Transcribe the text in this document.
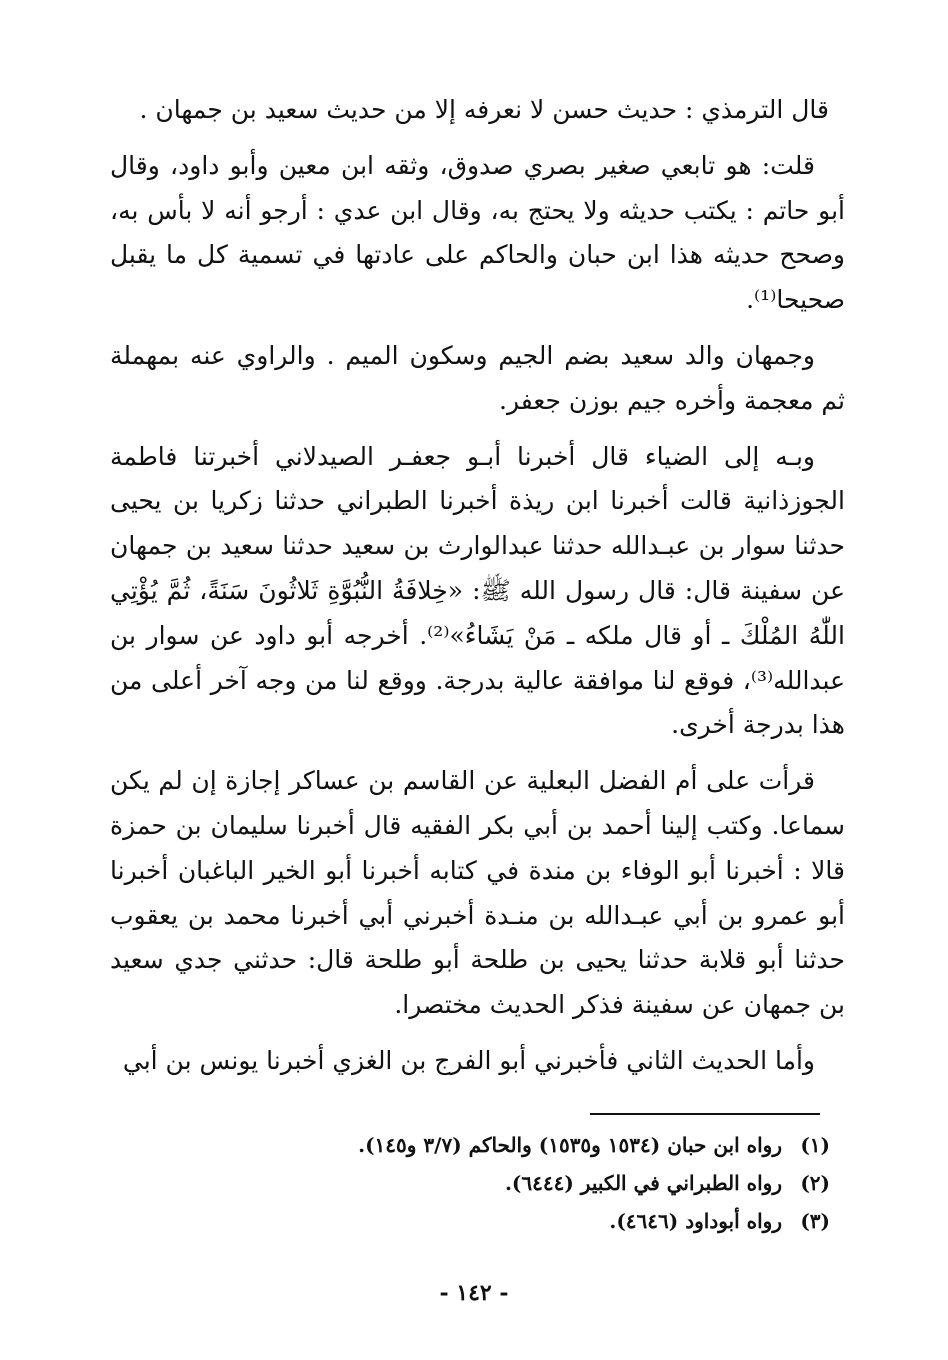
قال الترمذي : حديث حسن لا نعرفه إلا من حديث سعيد بن جمهان .

قلت: هو تابعي صغير بصري صدوق، وثقه ابن معين وأبو داود، وقال أبو حاتم : يكتب حديثه ولا يحتج به، وقال ابن عدي : أرجو أنه لا بأس به، وصحح حديثه هذا ابن حبان والحاكم على عادتها في تسمية كل ما يقبل صحيحا⁽¹⁾.

وجمهان والد سعيد بضم الجيم وسكون الميم . والراوي عنه بمهملة ثم معجمة وأخره جيم بوزن جعفر.

وبـه إلى الضياء قال أخبرنا أبـو جعفـر الصيدلاني أخبرتنا فاطمة الجوزذانية قالت أخبرنا ابن ريذة أخبرنا الطبراني حدثنا زكريا بن يحيى حدثنا سوار بن عبـدالله حدثنا عبدالوارث بن سعيد حدثنا سعيد بن جمهان عن سفينة قال: قال رسول الله ﷺ: «خِلافَةُ النُّبُوَّةِ ثَلاثُونَ سَنَةً، ثُمَّ يُؤْتِي اللّٰهُ المُلْكَ ـ أو قال ملكه ـ مَنْ يَشَاءُ»⁽²⁾. أخرجه أبو داود عن سوار بن عبدالله⁽³⁾، فوقع لنا موافقة عالية بدرجة. ووقع لنا من وجه آخر أعلى من هذا بدرجة أخرى.

قرأت على أم الفضل البعلية عن القاسم بن عساكر إجازة إن لم يكن سماعا. وكتب إلينا أحمد بن أبي بكر الفقيه قال أخبرنا سليمان بن حمزة قالا : أخبرنا أبو الوفاء بن مندة في كتابه أخبرنا أبو الخير الباغبان أخبرنا أبو عمرو بن أبي عبـدالله بن منـدة أخبرني أبي أخبرنا محمد بن يعقوب حدثنا أبو قلابة حدثنا يحيى بن طلحة أبو طلحة قال: حدثني جدي سعيد بن جمهان عن سفينة فذكر الحديث مختصرا.

وأما الحديث الثاني فأخبرني أبو الفرج بن الغزي أخبرنا يونس بن أبي

(١)رواه ابن حبان (١٥٣٤ و١٥٣٥) والحاكم (٣/٧ و١٤٥).
(٢)رواه الطبراني في الكبير (٦٤٤٤).
(٣)رواه أبوداود (٤٦٤٦).
- ١٤٢ -
